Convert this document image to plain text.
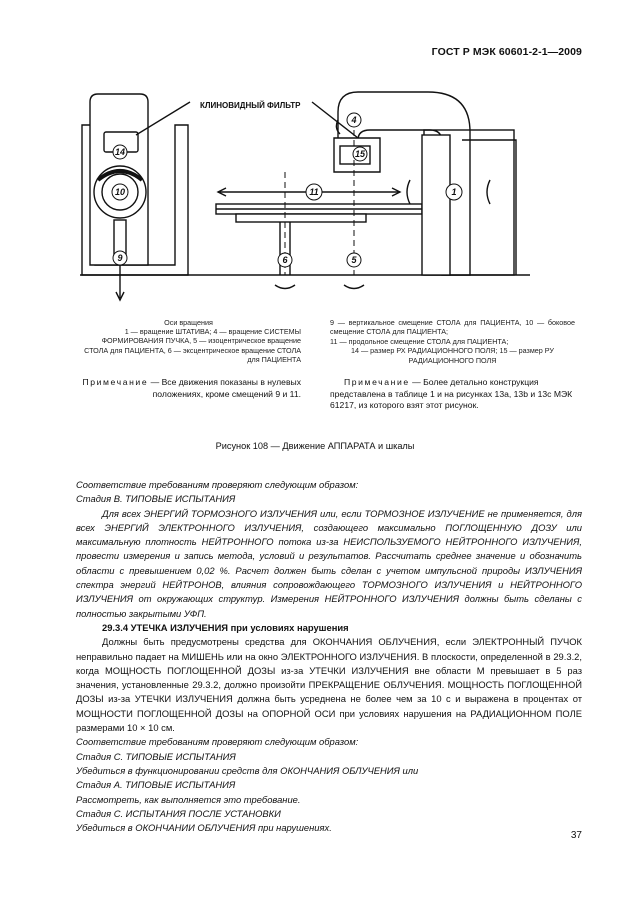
ГОСТ Р МЭК 60601-2-1—2009
КЛИНОВИДНЫЙ ФИЛЬТР
14
10
9
11
4
15
1
6	5
Оси вращения
1 — вращение ШТАТИВА; 4 — вращение СИСТЕМЫ ФОРМИРОВАНИЯ ПУЧКА, 5 — изоцентрическое вращение СТОЛА для ПАЦИЕНТА, 6 — эксцентрическое вращение СТОЛА для ПАЦИЕНТА
9 — вертикальное смещение СТОЛА для ПАЦИЕНТА, 10 — боковое смещение СТОЛА для ПАЦИЕНТА;
11 — продольное смещение СТОЛА для ПАЦИЕНТА;
14 — размер РХ РАДИАЦИОННОГО ПОЛЯ; 15 — размер РУ РАДИАЦИОННОГО ПОЛЯ
Примечание — Все движения показаны в нулевых положениях, кроме смещений 9 и 11.
Примечание — Более детально конструкция представлена в таблице 1 и на рисунках 13a, 13b и 13c МЭК 61217, из которого взят этот рисунок.
Рисунок 108 — Движение АППАРАТА и шкалы

Соответствие требованиям проверяют следующим образом:

Стадия В. ТИПОВЫЕ ИСПЫТАНИЯ

Для всех ЭНЕРГИЙ ТОРМОЗНОГО ИЗЛУЧЕНИЯ или, если ТОРМОЗНОЕ ИЗЛУЧЕНИЕ не применяется, для всех ЭНЕРГИЙ ЭЛЕКТРОННОГО ИЗЛУЧЕНИЯ, создающего максимально ПОГЛОЩЕННУЮ ДОЗУ или максимальную плотность НЕЙТРОННОГО потока из-за НЕИСПОЛЬЗУЕМОГО НЕЙТРОННОГО ИЗЛУЧЕНИЯ, провести измерения и запись метода, условий и результатов. Рассчитать среднее значение и обозначить области с превышением 0,02 %. Расчет должен быть сделан с учетом импульсной природы ИЗЛУЧЕНИЯ спектра энергий НЕЙТРОНОВ, влияния сопровождающего ТОРМОЗНОГО ИЗЛУЧЕНИЯ и НЕЙТРОННОГО ИЗЛУЧЕНИЯ от окружающих структур. Измерения НЕЙТРОННОГО ИЗЛУЧЕНИЯ должны быть сделаны с полностью закрытыми УФП.

29.3.4 УТЕЧКА ИЗЛУЧЕНИЯ при условиях нарушения

Должны быть предусмотрены средства для ОКОНЧАНИЯ ОБЛУЧЕНИЯ, если ЭЛЕКТРОННЫЙ ПУЧОК неправильно падает на МИШЕНЬ или на окно ЭЛЕКТРОННОГО ИЗЛУЧЕНИЯ. В плоскости, определенной в 29.3.2, когда МОЩНОСТЬ ПОГЛОЩЕННОЙ ДОЗЫ из-за УТЕЧКИ ИЗЛУЧЕНИЯ вне области M превышает в 5 раз значения, установленные 29.3.2, должно произойти ПРЕКРАЩЕНИЕ ОБЛУЧЕНИЯ. МОЩНОСТЬ ПОГЛОЩЕННОЙ ДОЗЫ из-за УТЕЧКИ ИЗЛУЧЕНИЯ должна быть усреднена не более чем за 10 с и выражена в процентах от МОЩНОСТИ ПОГЛОЩЕННОЙ ДОЗЫ на ОПОРНОЙ ОСИ при условиях нарушения на РАДИАЦИОННОМ ПОЛЕ размерами 10 × 10 см.

Соответствие требованиям проверяют следующим образом:

Стадия С. ТИПОВЫЕ ИСПЫТАНИЯ

Убедиться в функционировании средств для ОКОНЧАНИЯ ОБЛУЧЕНИЯ или

Стадия А. ТИПОВЫЕ ИСПЫТАНИЯ

Рассмотреть, как выполняется это требование.

Стадия С. ИСПЫТАНИЯ ПОСЛЕ УСТАНОВКИ

Убедиться в ОКОНЧАНИИ ОБЛУЧЕНИЯ при нарушениях.

37
